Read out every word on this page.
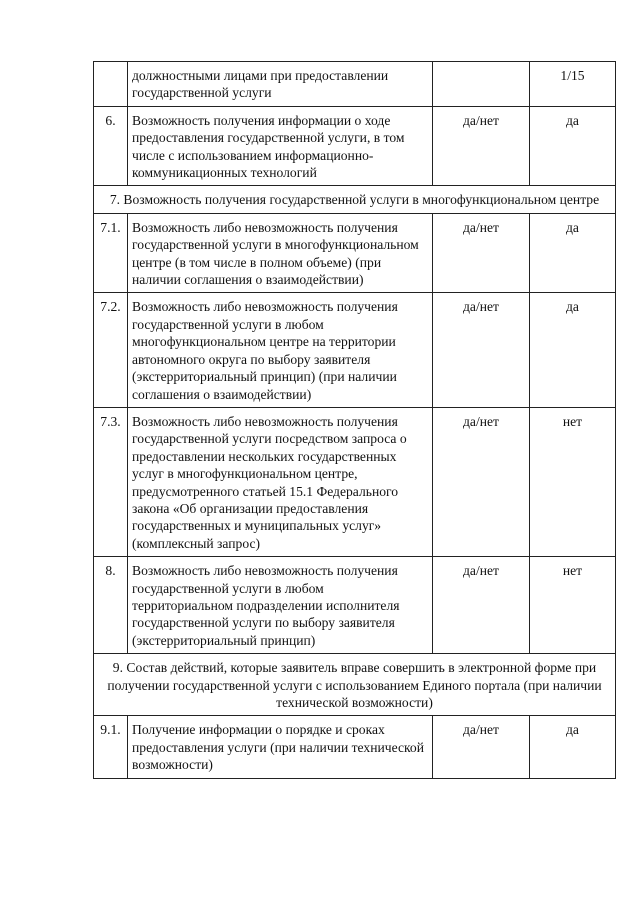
	должностными лицами при предоставлении государственной услуги		1/15
6.	Возможность получения информации о ходе предоставления государственной услуги, в том числе с использованием информационно-коммуникационных технологий	да/нет	да
7. Возможность получения государственной услуги в многофункциональном центре			
7.1.	Возможность либо невозможность получения государственной услуги в многофункциональном центре (в том числе в полном объеме) (при наличии соглашения о взаимодействии)	да/нет	да
7.2.	Возможность либо невозможность получения государственной услуги в любом многофункциональном центре на территории автономного округа по выбору заявителя (экстерриториальный принцип) (при наличии соглашения о взаимодействии)	да/нет	да
7.3.	Возможность либо невозможность получения государственной услуги посредством запроса о предоставлении нескольких государственных услуг в многофункциональном центре, предусмотренного статьей 15.1 Федерального закона «Об организации предоставления государственных и муниципальных услуг» (комплексный запрос)	да/нет	нет
8.	Возможность либо невозможность получения государственной услуги в любом территориальном подразделении исполнителя государственной услуги по выбору заявителя (экстерриториальный принцип)	да/нет	нет
9. Состав действий, которые заявитель вправе совершить в электронной форме при получении государственной услуги с использованием Единого портала (при наличии технической возможности)			
9.1.	Получение информации о порядке и сроках предоставления услуги (при наличии технической возможности)	да/нет	да
